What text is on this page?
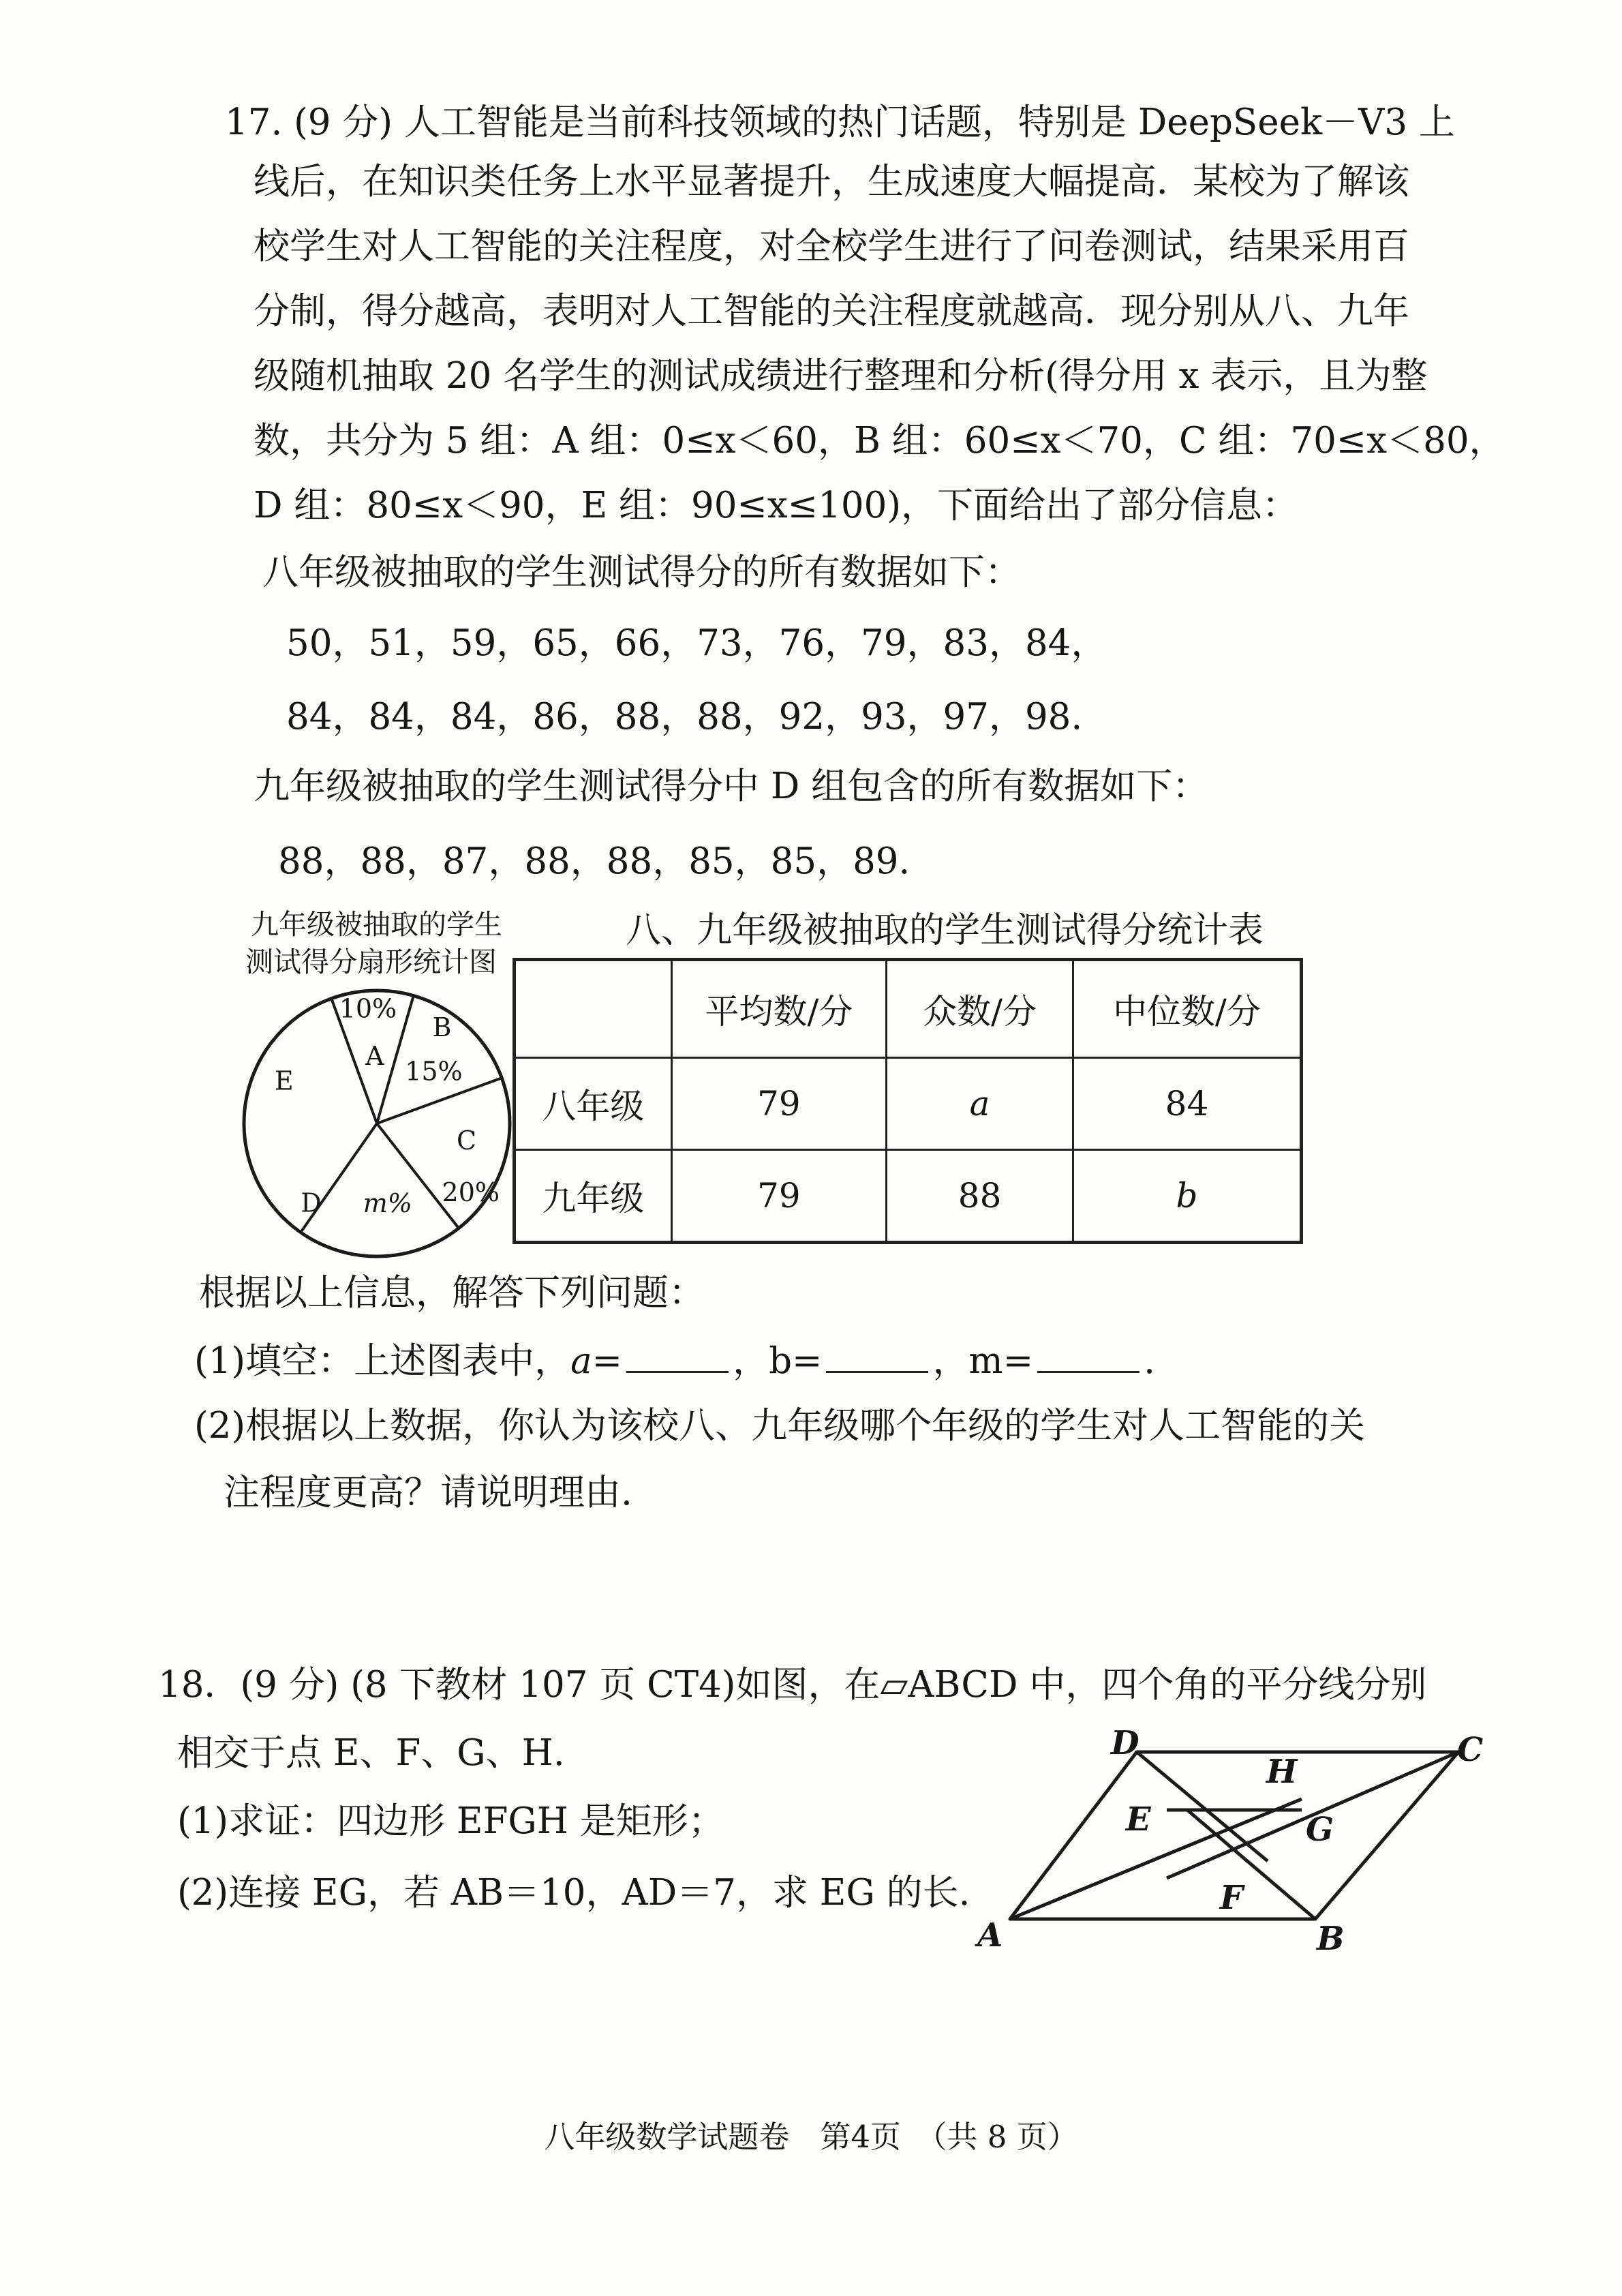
17. (9 分) 人工智能是当前科技领域的热门话题，特别是 DeepSeek－V3 上
线后，在知识类任务上水平显著提升，生成速度大幅提高．某校为了解该
校学生对人工智能的关注程度，对全校学生进行了问卷测试，结果采用百
分制，得分越高，表明对人工智能的关注程度就越高．现分别从八、九年
级随机抽取 20 名学生的测试成绩进行整理和分析(得分用 x 表示，且为整
数，共分为 5 组：A 组：0≤x＜60，B 组：60≤x＜70，C 组：70≤x＜80，
D 组：80≤x＜90，E 组：90≤x≤100)，下面给出了部分信息：
八年级被抽取的学生测试得分的所有数据如下：
50，51，59，65，66，73，76，79，83，84，
84，84，84，86，88，88，92，93，97，98.
九年级被抽取的学生测试得分中 D 组包含的所有数据如下：
88，88，87，88，88，85，85，89.
九年级被抽取的学生
测试得分扇形统计图
10%
A
B
15%
C
20%
D m%
E
八、九年级被抽取的学生测试得分统计表
	平均数/分	众数/分	中位数/分
八年级	79	a	84
九年级	79	88	b
根据以上信息，解答下列问题：
(1)填空：上述图表中，a=	，b=	，m=	.
(2)根据以上数据，你认为该校八、九年级哪个年级的学生对人工智能的关
注程度更高？请说明理由.
18．(9 分) (8 下教材 107 页 CT4)如图，在▱ABCD 中，四个角的平分线分别
相交于点 E、F、G、H.
(1)求证：四边形 EFGH 是矩形；
(2)连接 EG，若 AB＝10，AD＝7，求 EG 的长.
A	B
C
D
E
F
G
H
八年级数学试题卷　第4页　（共 8 页）
